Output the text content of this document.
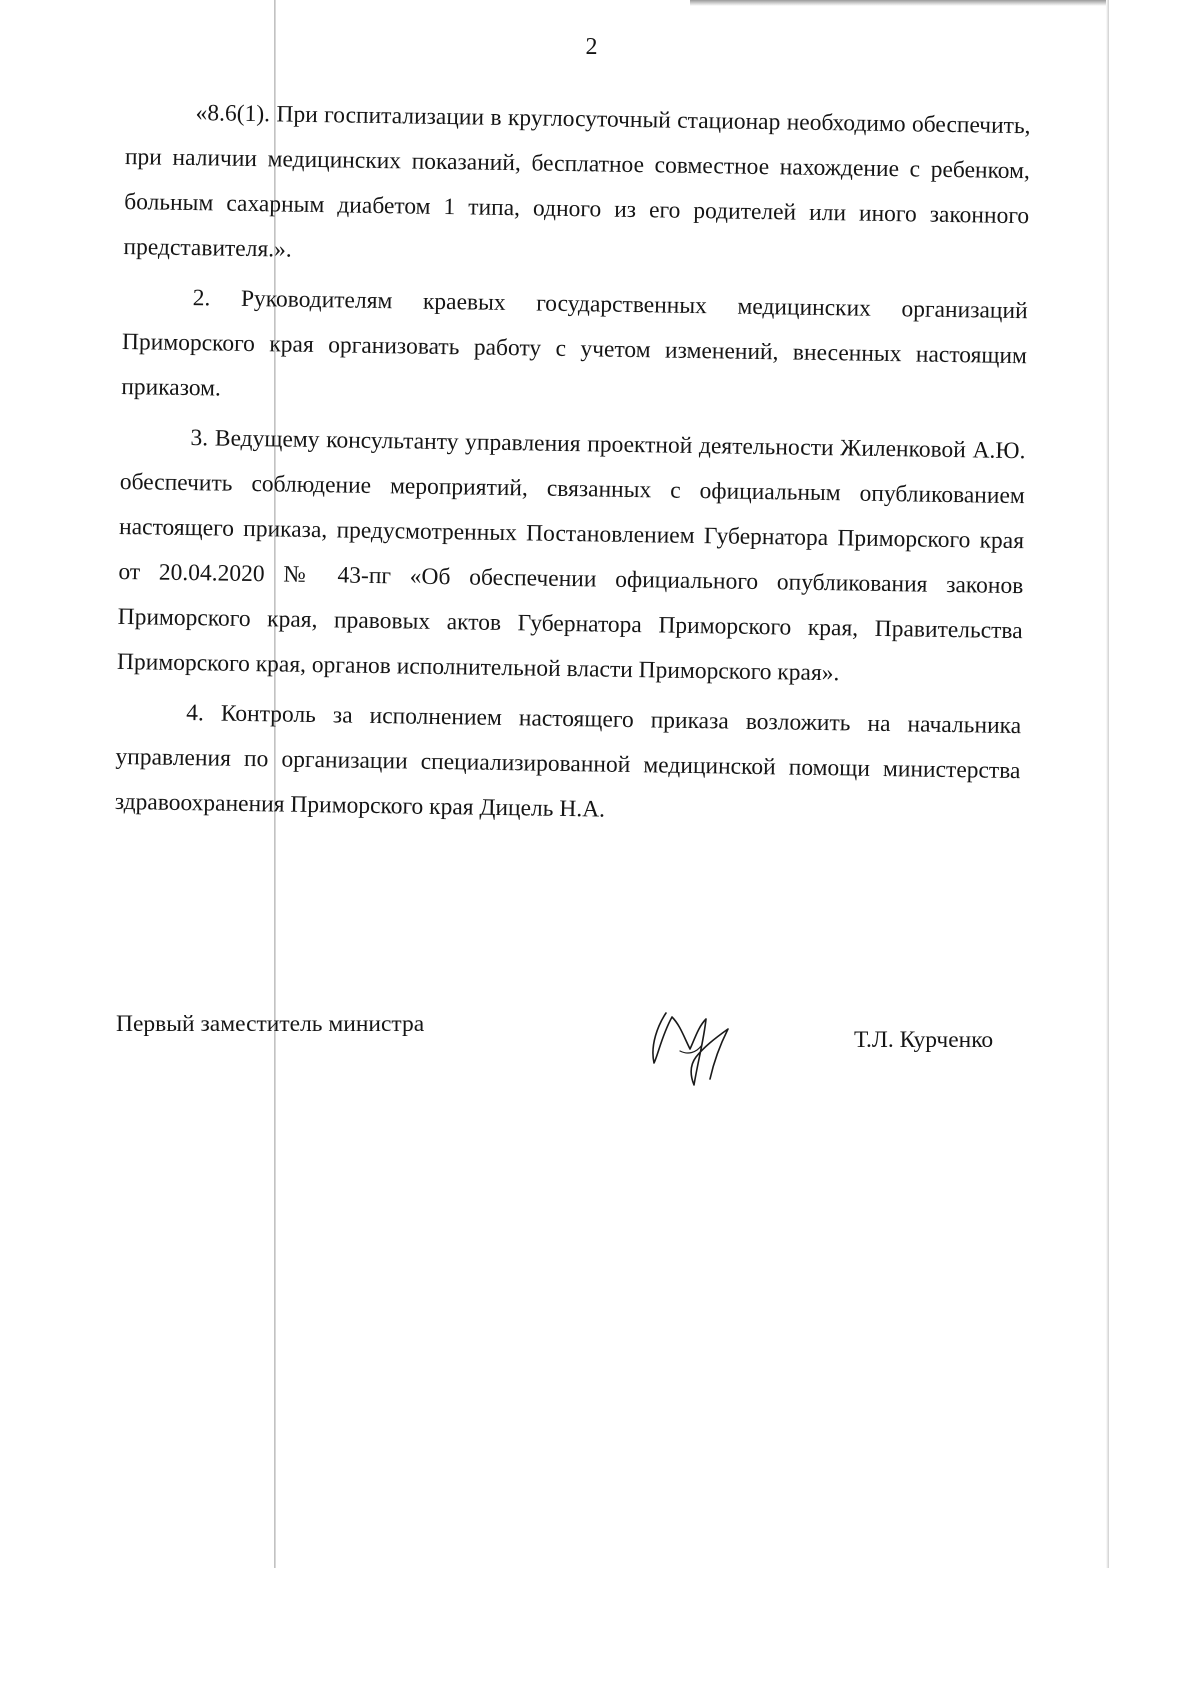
2

«8.6(1). При госпитализации в круглосуточный стационар необходимо обеспечить, при наличии медицинских показаний, бесплатное совместное нахождение с ребенком, больным сахарным диабетом 1 типа, одного из его родителей или иного законного представителя.».

2. Руководителям краевых государственных медицинских организаций Приморского края организовать работу с учетом изменений, внесенных настоящим приказом.

3. Ведущему консультанту управления проектной деятельности Жиленковой А.Ю. обеспечить соблюдение мероприятий, связанных с официальным опубликованием настоящего приказа, предусмотренных Постановлением Губернатора Приморского края от 20.04.2020 № 43-пг «Об обеспечении официального опубликования законов Приморского края, правовых актов Губернатора Приморского края, Правительства Приморского края, органов исполнительной власти Приморского края».

4. Контроль за исполнением настоящего приказа возложить на начальника управления по организации специализированной медицинской помощи министерства здравоохранения Приморского края Дицель Н.А.

Первый заместитель министра
Т.Л. Курченко
